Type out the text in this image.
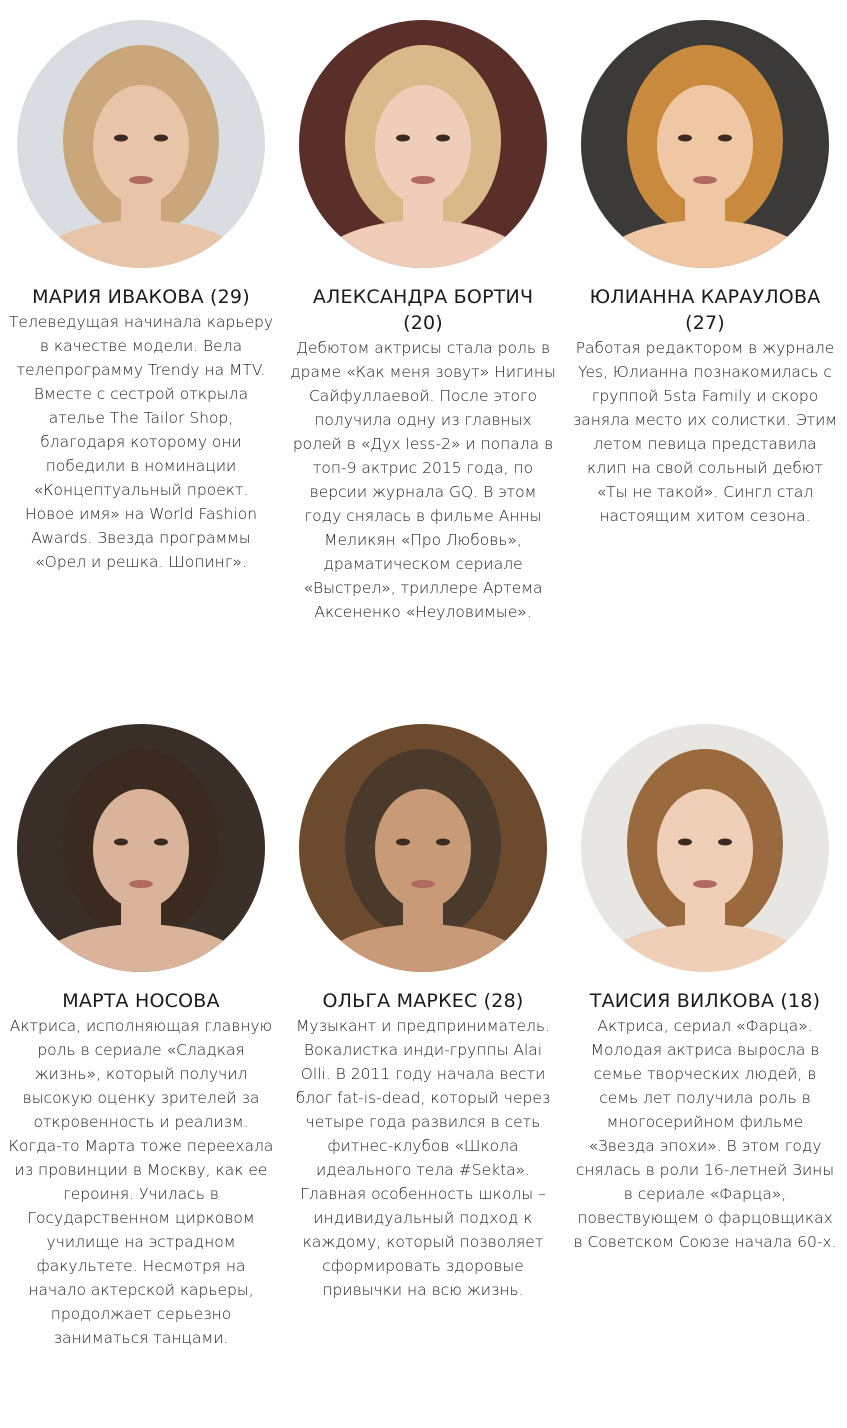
МАРИЯ ИВАКОВА (29)
Телеведущая начинала карьеру в качестве модели. Вела телепрограмму Trendy на MTV. Вместе с сестрой открыла ателье The Tailor Shop, благодаря которому они победили в номинации «Концептуальный проект. Новое имя» на World Fashion Awards. Звезда программы «Орел и решка. Шопинг».
АЛЕКСАНДРА БОРТИЧ (20)
Дебютом актрисы стала роль в драме «Как меня зовут» Нигины Сайфуллаевой. После этого получила одну из главных ролей в «Дух less-2» и попала в топ-9 актрис 2015 года, по версии журнала GQ. В этом году снялась в фильме Анны Меликян «Про Любовь», драматическом сериале «Выстрел», триллере Артема Аксененко «Неуловимые».
ЮЛИАННА КАРАУЛОВА (27)
Работая редактором в журнале Yes, Юлианна познакомилась с группой 5sta Family и скоро заняла место их солистки. Этим летом певица представила клип на свой сольный дебют «Ты не такой». Сингл стал настоящим хитом сезона.
МАРТА НОСОВА
Актриса, исполняющая главную роль в сериале «Сладкая жизнь», который получил высокую оценку зрителей за откровенность и реализм. Когда-то Марта тоже переехала из провинции в Москву, как ее героиня. Училась в Государственном цирковом училище на эстрадном факультете. Несмотря на начало актерской карьеры, продолжает серьезно заниматься танцами.
ОЛЬГА МАРКЕС (28)
Музыкант и предприниматель. Вокалистка инди-группы Alai Olli. В 2011 году начала вести блог fat-is-dead, который через четыре года развился в сеть фитнес-клубов «Школа идеального тела #Sekta». Главная особенность школы – индивидуальный подход к каждому, который позволяет сформировать здоровые привычки на всю жизнь.
ТАИСИЯ ВИЛКОВА (18)
Актриса, сериал «Фарца». Молодая актриса выросла в семье творческих людей, в семь лет получила роль в многосерийном фильме «Звезда эпохи». В этом году снялась в роли 16-летней Зины в сериале «Фарца», повествующем о фарцовщиках в Советском Союзе начала 60-х.
